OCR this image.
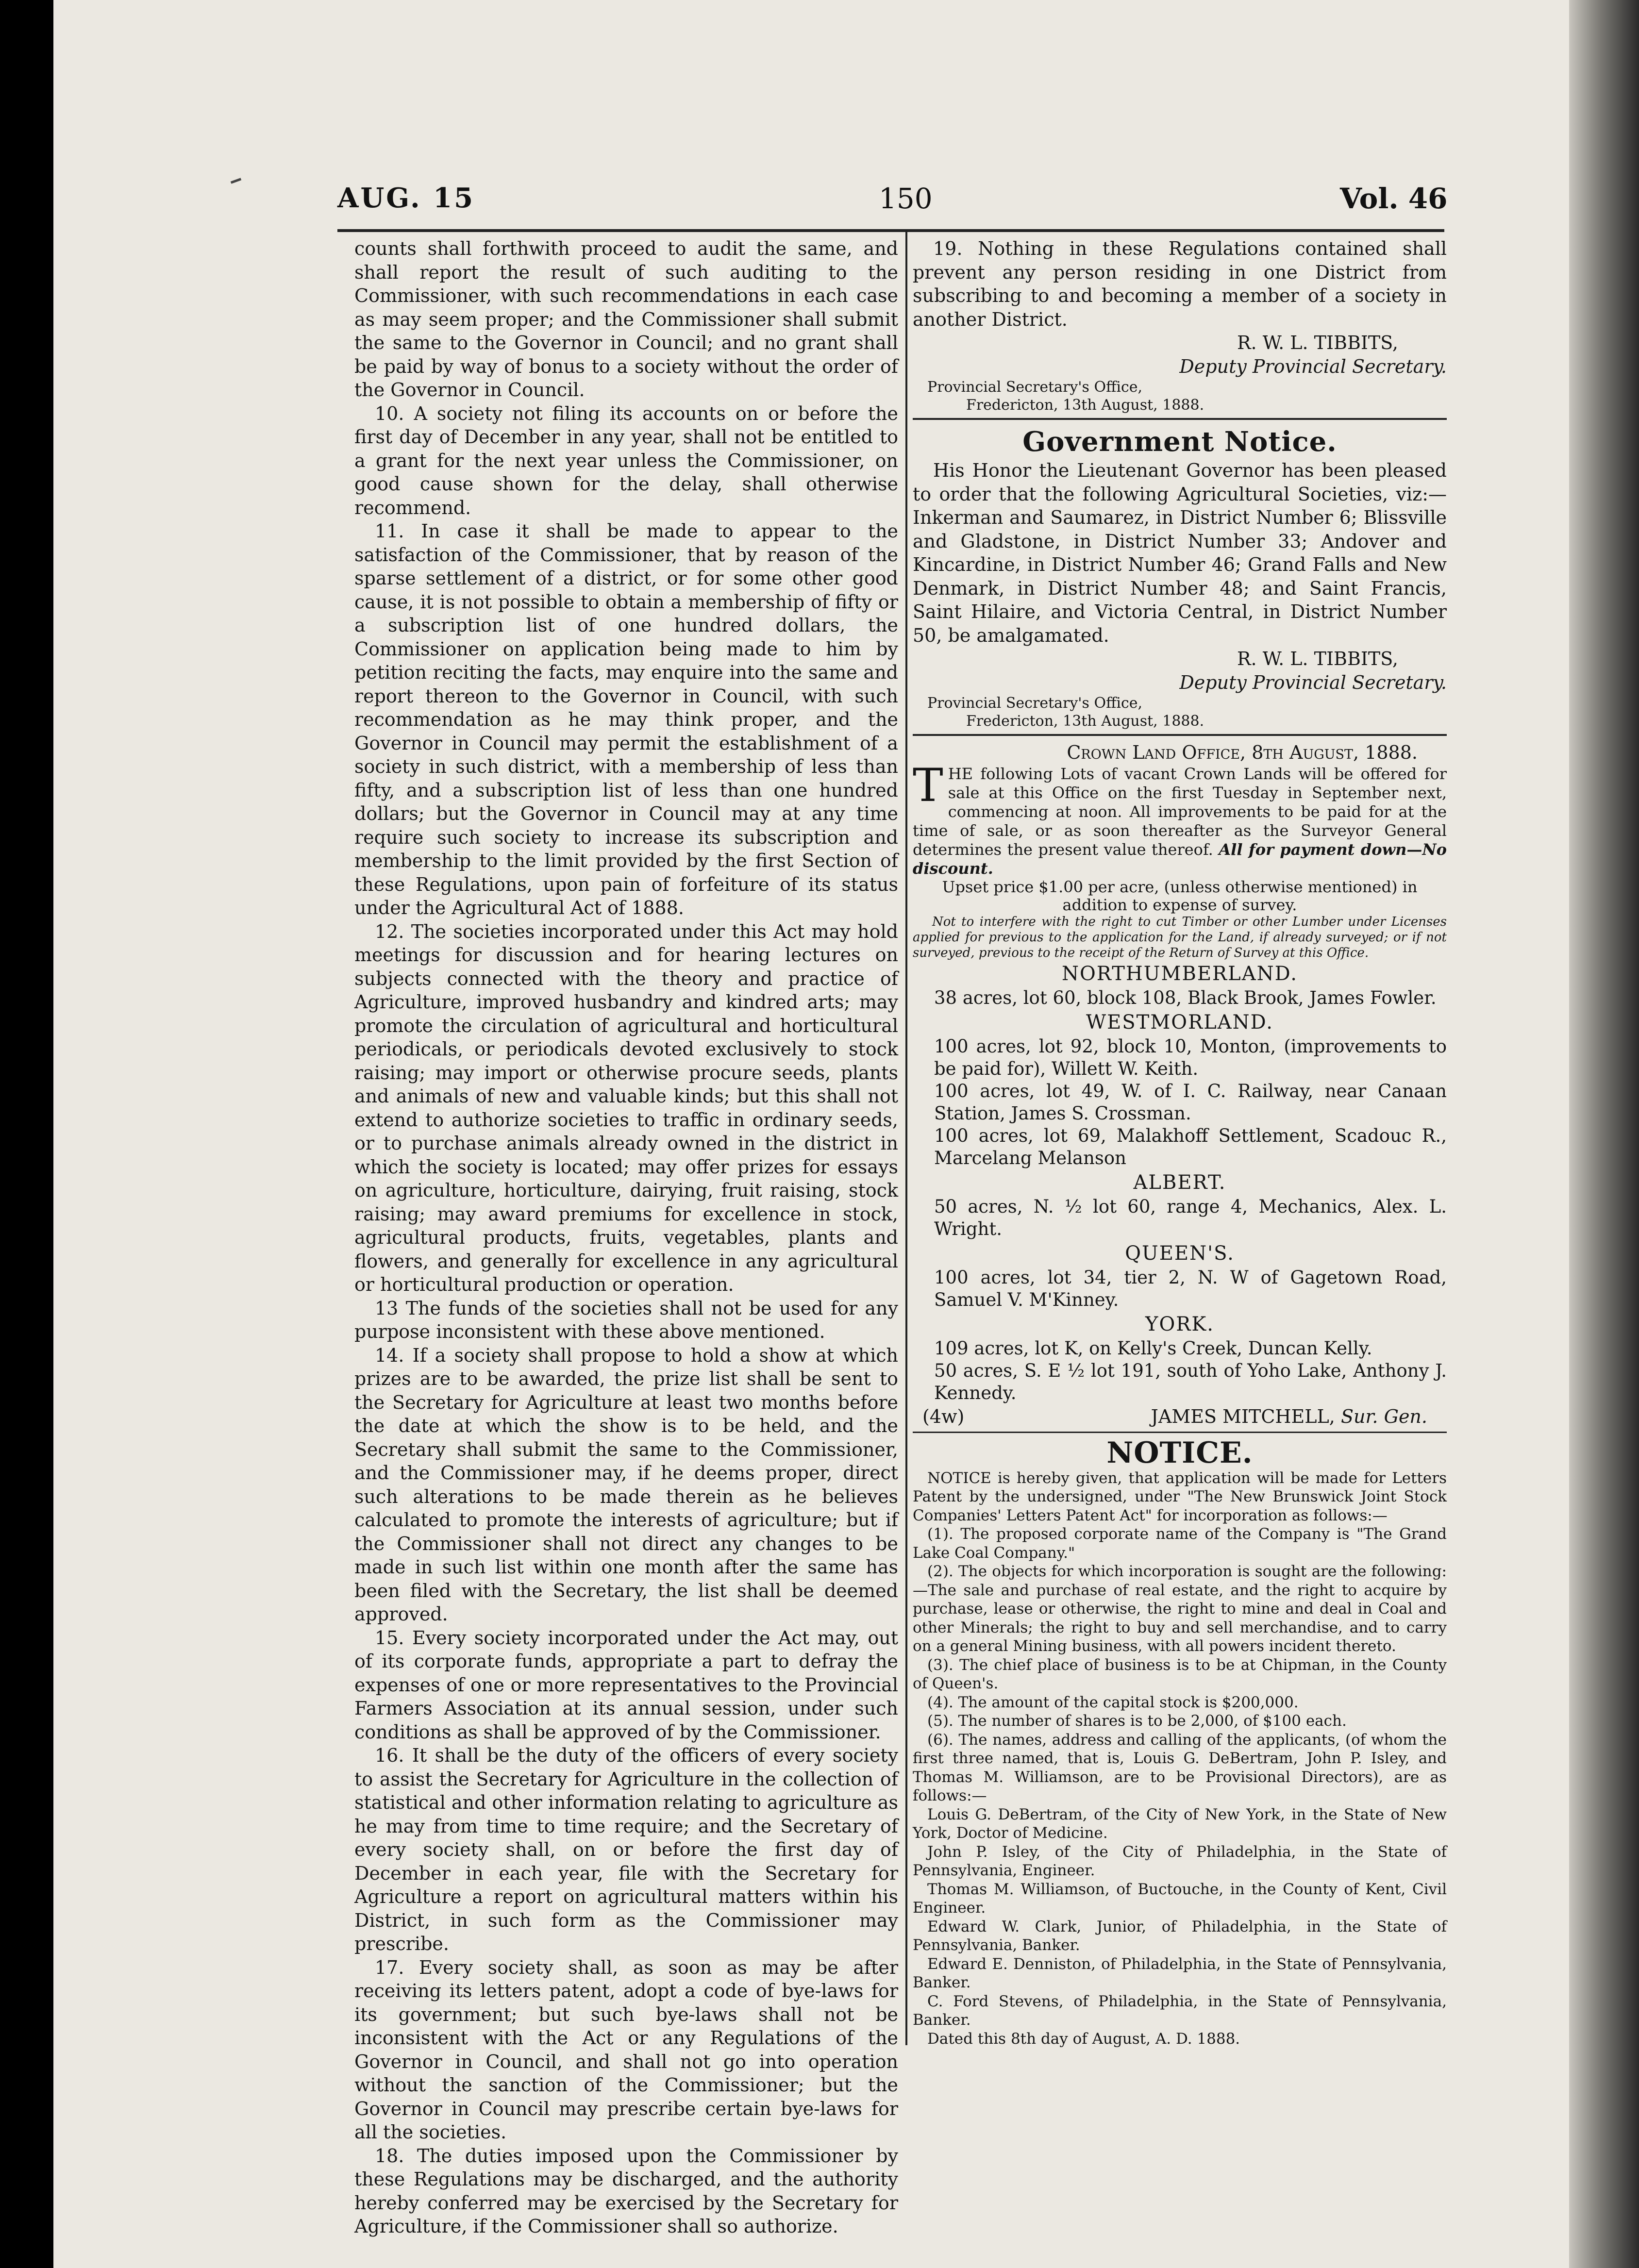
AUG. 15	150	Vol. 46

counts shall forthwith proceed to audit the same, and shall report the result of such auditing to the Commissioner, with such recommendations in each case as may seem proper; and the Commissioner shall submit the same to the Governor in Council; and no grant shall be paid by way of bonus to a society without the order of the Governor in Council.

10. A society not filing its accounts on or before the first day of December in any year, shall not be entitled to a grant for the next year unless the Commissioner, on good cause shown for the delay, shall otherwise recommend.

11. In case it shall be made to appear to the satisfaction of the Commissioner, that by reason of the sparse settlement of a district, or for some other good cause, it is not possible to obtain a membership of fifty or a subscription list of one hundred dollars, the Commissioner on application being made to him by petition reciting the facts, may enquire into the same and report thereon to the Governor in Council, with such recommendation as he may think proper, and the Governor in Council may permit the establishment of a society in such district, with a membership of less than fifty, and a subscription list of less than one hundred dollars; but the Governor in Council may at any time require such society to increase its subscription and membership to the limit provided by the first Section of these Regulations, upon pain of forfeiture of its status under the Agricultural Act of 1888.

12. The societies incorporated under this Act may hold meetings for discussion and for hearing lectures on subjects connected with the theory and practice of Agriculture, improved husbandry and kindred arts; may promote the circulation of agricultural and horticultural periodicals, or periodicals devoted exclusively to stock raising; may import or otherwise procure seeds, plants and animals of new and valuable kinds; but this shall not extend to authorize societies to traffic in ordinary seeds, or to purchase animals already owned in the district in which the society is located; may offer prizes for essays on agriculture, horticulture, dairying, fruit raising, stock raising; may award premiums for excellence in stock, agricultural products, fruits, vegetables, plants and flowers, and generally for excellence in any agricultural or horticultural production or operation.

13 The funds of the societies shall not be used for any purpose inconsistent with these above mentioned.

14. If a society shall propose to hold a show at which prizes are to be awarded, the prize list shall be sent to the Secretary for Agriculture at least two months before the date at which the show is to be held, and the Secretary shall submit the same to the Commissioner, and the Commissioner may, if he deems proper, direct such alterations to be made therein as he believes calculated to promote the interests of agriculture; but if the Commissioner shall not direct any changes to be made in such list within one month after the same has been filed with the Secretary, the list shall be deemed approved.

15. Every society incorporated under the Act may, out of its corporate funds, appropriate a part to defray the expenses of one or more representatives to the Provincial Farmers Association at its annual session, under such conditions as shall be approved of by the Commissioner.

16. It shall be the duty of the officers of every society to assist the Secretary for Agriculture in the collection of statistical and other information relating to agriculture as he may from time to time require; and the Secretary of every society shall, on or before the first day of December in each year, file with the Secretary for Agriculture a report on agricultural matters within his District, in such form as the Commissioner may prescribe.

17. Every society shall, as soon as may be after receiving its letters patent, adopt a code of bye-laws for its government; but such bye-laws shall not be inconsistent with the Act or any Regulations of the Governor in Council, and shall not go into operation without the sanction of the Commissioner; but the Governor in Council may prescribe certain bye-laws for all the societies.

18. The duties imposed upon the Commissioner by these Regulations may be discharged, and the authority hereby conferred may be exercised by the Secretary for Agriculture, if the Commissioner shall so authorize.

19. Nothing in these Regulations contained shall prevent any person residing in one District from subscribing to and becoming a member of a society in another District.

R. W. L. TIBBITS,

Deputy Provincial Secretary.

Provincial Secretary's Office,

Fredericton, 13th August, 1888.

Government Notice.

His Honor the Lieutenant Governor has been pleased to order that the following Agricultural Societies, viz:—Inkerman and Saumarez, in District Number 6; Blissville and Gladstone, in District Number 33; Andover and Kincardine, in District Number 46; Grand Falls and New Denmark, in District Number 48; and Saint Francis, Saint Hilaire, and Victoria Central, in District Number 50, be amalgamated.

R. W. L. TIBBITS,

Deputy Provincial Secretary.

Provincial Secretary's Office,

Fredericton, 13th August, 1888.

Crown Land Office, 8th August, 1888.

T HE following Lots of vacant Crown Lands will be offered for sale at this Office on the first Tuesday in September next, commencing at noon. All improvements to be paid for at the time of sale, or as soon thereafter as the Surveyor General determines the present value thereof. All for payment down—No discount.

Upset price $1.00 per acre, (unless otherwise mentioned) in addition to expense of survey.

Not to interfere with the right to cut Timber or other Lumber under Licenses applied for previous to the application for the Land, if already surveyed; or if not surveyed, previous to the receipt of the Return of Survey at this Office.

NORTHUMBERLAND.

38 acres, lot 60, block 108, Black Brook, James Fowler.

WESTMORLAND.

100 acres, lot 92, block 10, Monton, (improvements to be paid for), Willett W. Keith.

100 acres, lot 49, W. of I. C. Railway, near Canaan Station, James S. Crossman.

100 acres, lot 69, Malakhoff Settlement, Scadouc R., Marcelang Melanson

ALBERT.

50 acres, N. ½ lot 60, range 4, Mechanics, Alex. L. Wright.

QUEEN'S.

100 acres, lot 34, tier 2, N. W of Gagetown Road, Samuel V. M'Kinney.

YORK.

109 acres, lot K, on Kelly's Creek, Duncan Kelly.

50 acres, S. E ½ lot 191, south of Yoho Lake, Anthony J. Kennedy.

(4w)	JAMES MITCHELL, Sur. Gen.
NOTICE.

NOTICE is hereby given, that application will be made for Letters Patent by the undersigned, under "The New Brunswick Joint Stock Companies' Letters Patent Act" for incorporation as follows:—

(1). The proposed corporate name of the Company is "The Grand Lake Coal Company."

(2). The objects for which incorporation is sought are the following:—The sale and purchase of real estate, and the right to acquire by purchase, lease or otherwise, the right to mine and deal in Coal and other Minerals; the right to buy and sell merchandise, and to carry on a general Mining business, with all powers incident thereto.

(3). The chief place of business is to be at Chipman, in the County of Queen's.

(4). The amount of the capital stock is $200,000.

(5). The number of shares is to be 2,000, of $100 each.

(6). The names, address and calling of the applicants, (of whom the first three named, that is, Louis G. DeBertram, John P. Isley, and Thomas M. Williamson, are to be Provisional Directors), are as follows:—

Louis G. DeBertram, of the City of New York, in the State of New York, Doctor of Medicine.

John P. Isley, of the City of Philadelphia, in the State of Pennsylvania, Engineer.

Thomas M. Williamson, of Buctouche, in the County of Kent, Civil Engineer.

Edward W. Clark, Junior, of Philadelphia, in the State of Pennsylvania, Banker.

Edward E. Denniston, of Philadelphia, in the State of Pennsylvania, Banker.

C. Ford Stevens, of Philadelphia, in the State of Pennsylvania, Banker.

Dated this 8th day of August, A. D. 1888.
